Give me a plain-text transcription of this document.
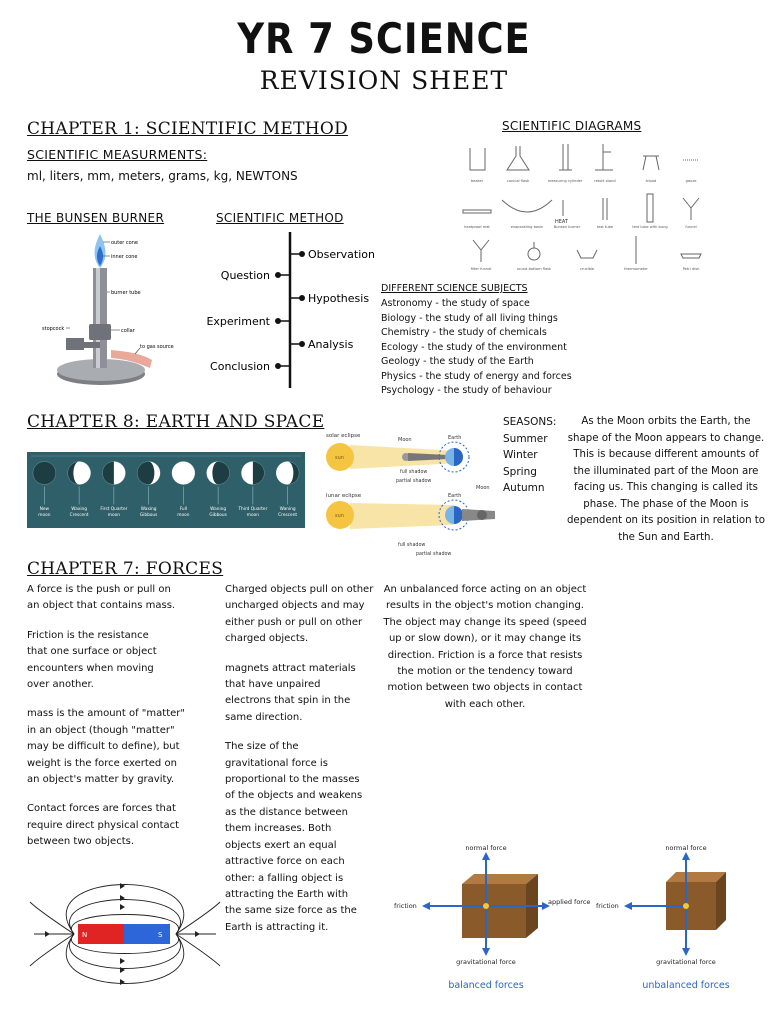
YR 7 SCIENCE
REVISION SHEET
CHAPTER 1: SCIENTIFIC METHOD
SCIENTIFIC MEASURMENTS:
ml, liters, mm, meters, grams, kg, NEWTONS
THE BUNSEN BURNER	SCIENTIFIC METHOD
outer cone
inner cone
burner tube
stopcock	collar
to gas source
Observation
Hypothesis
Analysis
Question
Experiment
Conclusion
SCIENTIFIC DIAGRAMS
HEAT
beaker	conical flask	measuring cylinder	retort stand	tripod	gauze
heatproof mat	evaporating basin	Bunsen burner	test tube	test tube with bung	funnel
filter funnel	round-bottom flask	crucible	thermometer	Petri dish
DIFFERENT SCIENCE SUBJECTS
Astronomy - the study of space
Biology - the study of all living things
Chemistry - the study of chemicals
Ecology - the study of the environment
Geology - the study of the Earth
Physics - the study of energy and forces
Psychology - the study of behaviour
CHAPTER 8: EARTH AND SPACE
New
moon
Waxing
Crescent
First Quarter
moon
Waxing
Gibbous
Full
moon
Waning
Gibbous
Third Quarter
moon
Waning
Crescent
solar eclipse
sun
Moon	Earth
full shadow
partial shadow
lunar eclipse
sun
Earth
Moon
full shadow
partial shadow
SEASONS:
Summer
Winter
Spring
Autumn
As the Moon orbits the Earth, the
shape of the Moon appears to change.
This is because different amounts of
the illuminated part of the Moon are
facing us. This changing is called its
phase. The phase of the Moon is
dependent on its position in relation to
the Sun and Earth.
CHAPTER 7: FORCES
A force is the push or pull on
an object that contains mass.
Friction is the resistance
that one surface or object
encounters when moving
over another.
mass is the amount of "matter"
in an object (though "matter"
may be difficult to define), but
weight is the force exerted on
an object's matter by gravity.
Contact forces are forces that
require direct physical contact
between two objects.
Charged objects pull on other
uncharged objects and may
either push or pull on other
charged objects.
magnets attract materials
that have unpaired
electrons that spin in the
same direction.
The size of the
gravitational force is
proportional to the masses
of the objects and weakens
as the distance between
them increases. Both
objects exert an equal
attractive force on each
other: a falling object is
attracting the Earth with
the same size force as the
Earth is attracting it.
An unbalanced force acting on an object
results in the object's motion changing.
The object may change its speed (speed
up or slow down), or it may change its
direction. Friction is a force that resists
the motion or the tendency toward
motion between two objects in contact
with each other.
N	S
normal force
friction	applied force
gravitational force
balanced forces
normal force
friction
gravitational force
unbalanced forces
